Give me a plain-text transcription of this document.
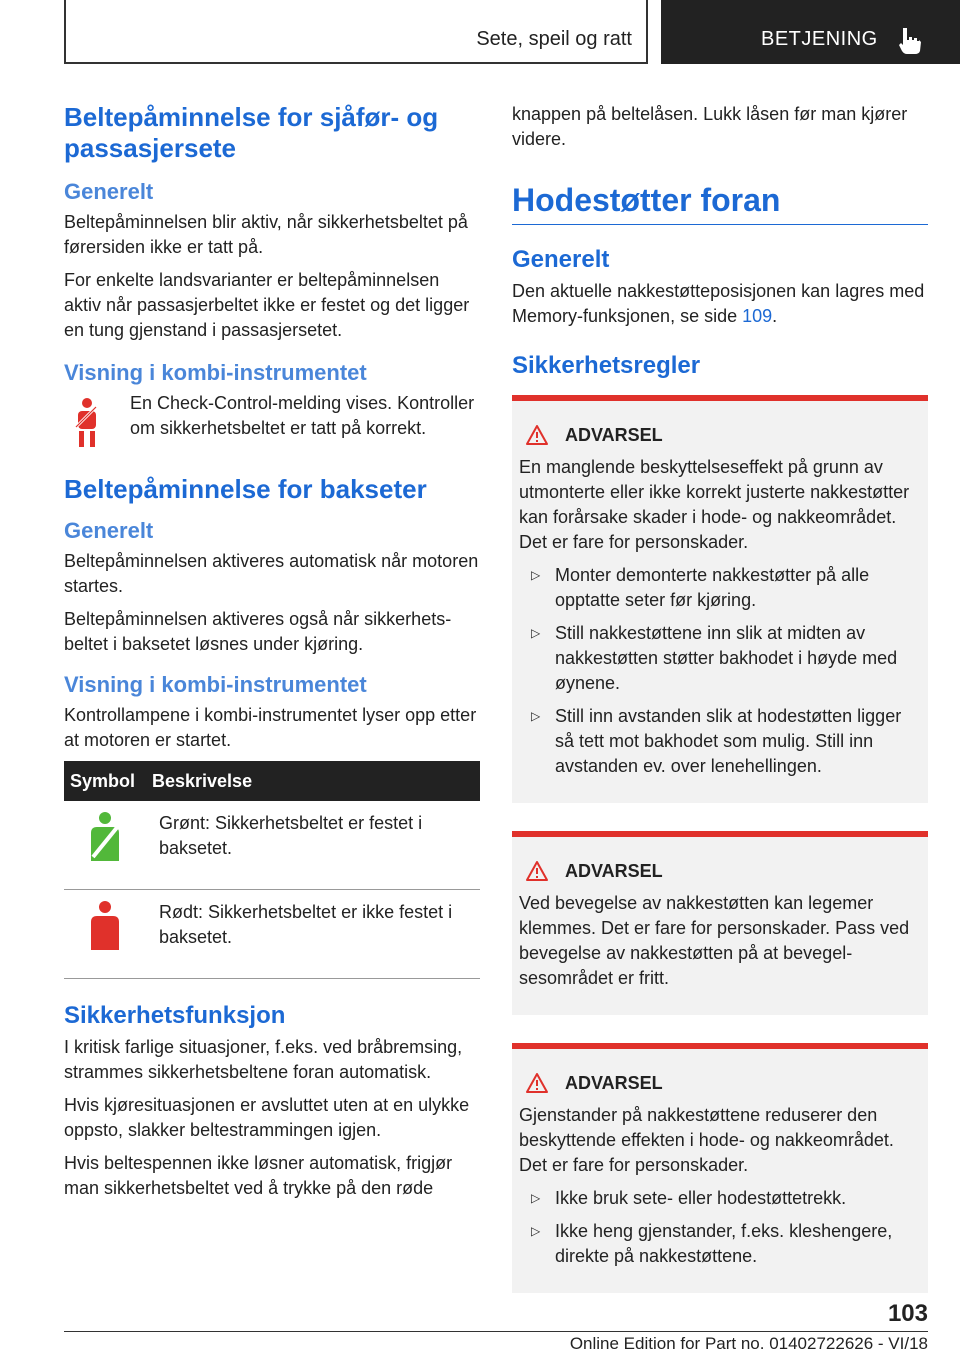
Sete, speil og ratt	BETJENING
Beltepåminnelse for sjåfør- og passasjersete
Generelt

Beltepåminnelsen blir aktiv, når sikkerhetsbeltet på førersiden ikke er tatt på.

For enkelte landsvarianter er beltepåminnelsen aktiv når passasjerbeltet ikke er festet og det ligger en tung gjenstand i passasjersetet.

Visning i kombi-instrumentet

En Check-Control-melding vises. Kontroller om sikkerhetsbeltet er tatt på korrekt.

Beltepåminnelse for bakseter
Generelt

Beltepåminnelsen aktiveres automatisk når motoren startes.

Beltepåminnelsen aktiveres også når sikkerhetsbeltet i baksetet løsnes under kjøring.

Visning i kombi-instrumentet

Kontrollampene i kombi-instrumentet lyser opp etter at motoren er startet.

Symbol	Beskrivelse
	Grønt: Sikkerhetsbeltet er festet i baksetet.
	Rødt: Sikkerhetsbeltet er ikke festet i baksetet.
Sikkerhetsfunksjon

I kritisk farlige situasjoner, f.eks. ved bråbremsing, strammes sikkerhetsbeltene foran automatisk.

Hvis kjøresituasjonen er avsluttet uten at en ulykke oppsto, slakker beltestrammingen igjen.

Hvis beltespennen ikke løsner automatisk, frigjør man sikkerhetsbeltet ved å trykke på den røde

knappen på beltelåsen. Lukk låsen før man kjører videre.

Hodestøtter foran
Generelt

Den aktuelle nakkestøtteposisjonen kan lagres med Memory-funksjonen, se side 109.

Sikkerhetsregler
ADVARSEL

En manglende beskyttelseseffekt på grunn av utmonterte eller ikke korrekt justerte nakkestøtter kan forårsake skader i hode- og nakkeområdet. Det er fare for personskader.

▷ Monter demonterte nakkestøtter på alle opptatte seter før kjøring.
▷ Still nakkestøttene inn slik at midten av nakkestøtten støtter bakhodet i høyde med øynene.
▷ Still inn avstanden slik at hodestøtten ligger så tett mot bakhodet som mulig. Still inn avstanden ev. over lenehellingen.
ADVARSEL

Ved bevegelse av nakkestøtten kan legemer klemmes. Det er fare for personskader. Pass ved bevegelse av nakkestøtten på at bevegelsesområdet er fritt.

ADVARSEL

Gjenstander på nakkestøttene reduserer den beskyttende effekten i hode- og nakkeområdet. Det er fare for personskader.

▷ Ikke bruk sete- eller hodestøttetrekk.
▷ Ikke heng gjenstander, f.eks. kleshengere, direkte på nakkestøttene.
103
Online Edition for Part no. 01402722626 - VI/18
